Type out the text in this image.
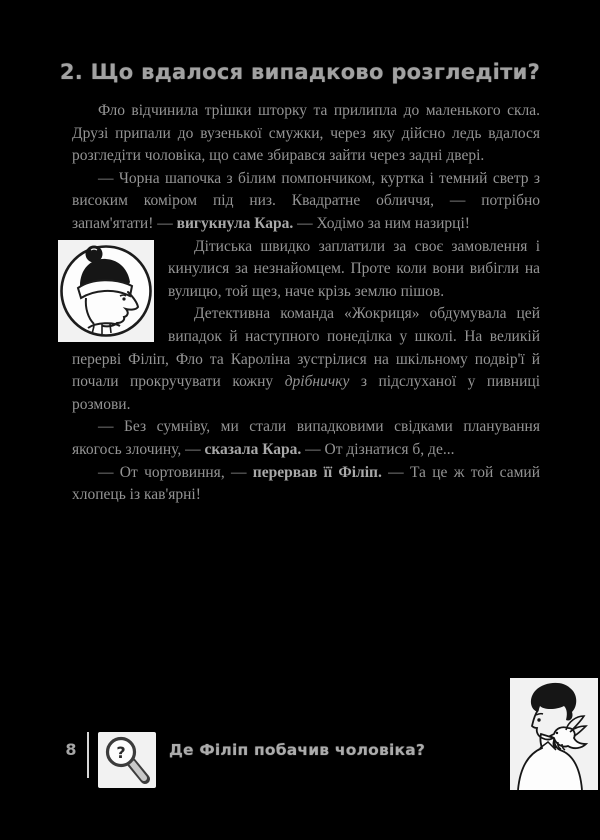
2. Що вдалося випадково розгледіти?

Фло відчинила трішки шторку та прилипла до маленького скла. Друзі припали до вузенької смужки, через яку дійсно ледь вдалося розгледіти чоловіка, що саме збирався зайти через задні двері.

— Чорна шапочка з білим помпончиком, куртка і темний светр з високим коміром під низ. Квадратне обличчя, — потрібно запам'ятати! — вигукнула Кара. — Ходімо за ним назирці!

Дітиська швидко заплатили за своє замовлення і кинулися за незнайомцем. Проте коли вони вибігли на вулицю, той щез, наче крізь землю пішов.

Детективна команда «Жокриця» обдумувала цей випадок й наступного понеділка у школі. На великій перерві Філіп, Фло та Кароліна зустрілися на шкільному подвір'ї й почали прокручувати кожну дрібничку з підслуханої у пивниці розмови.

— Без сумніву, ми стали випадковими свідками планування якогось злочину, — сказала Кара. — От дізнатися б, де...

— От чортовиння, — перервав її Філіп. — Та це ж той самий хлопець із кав'ярні!

8 ?	Де Філіп побачив чоловіка?
